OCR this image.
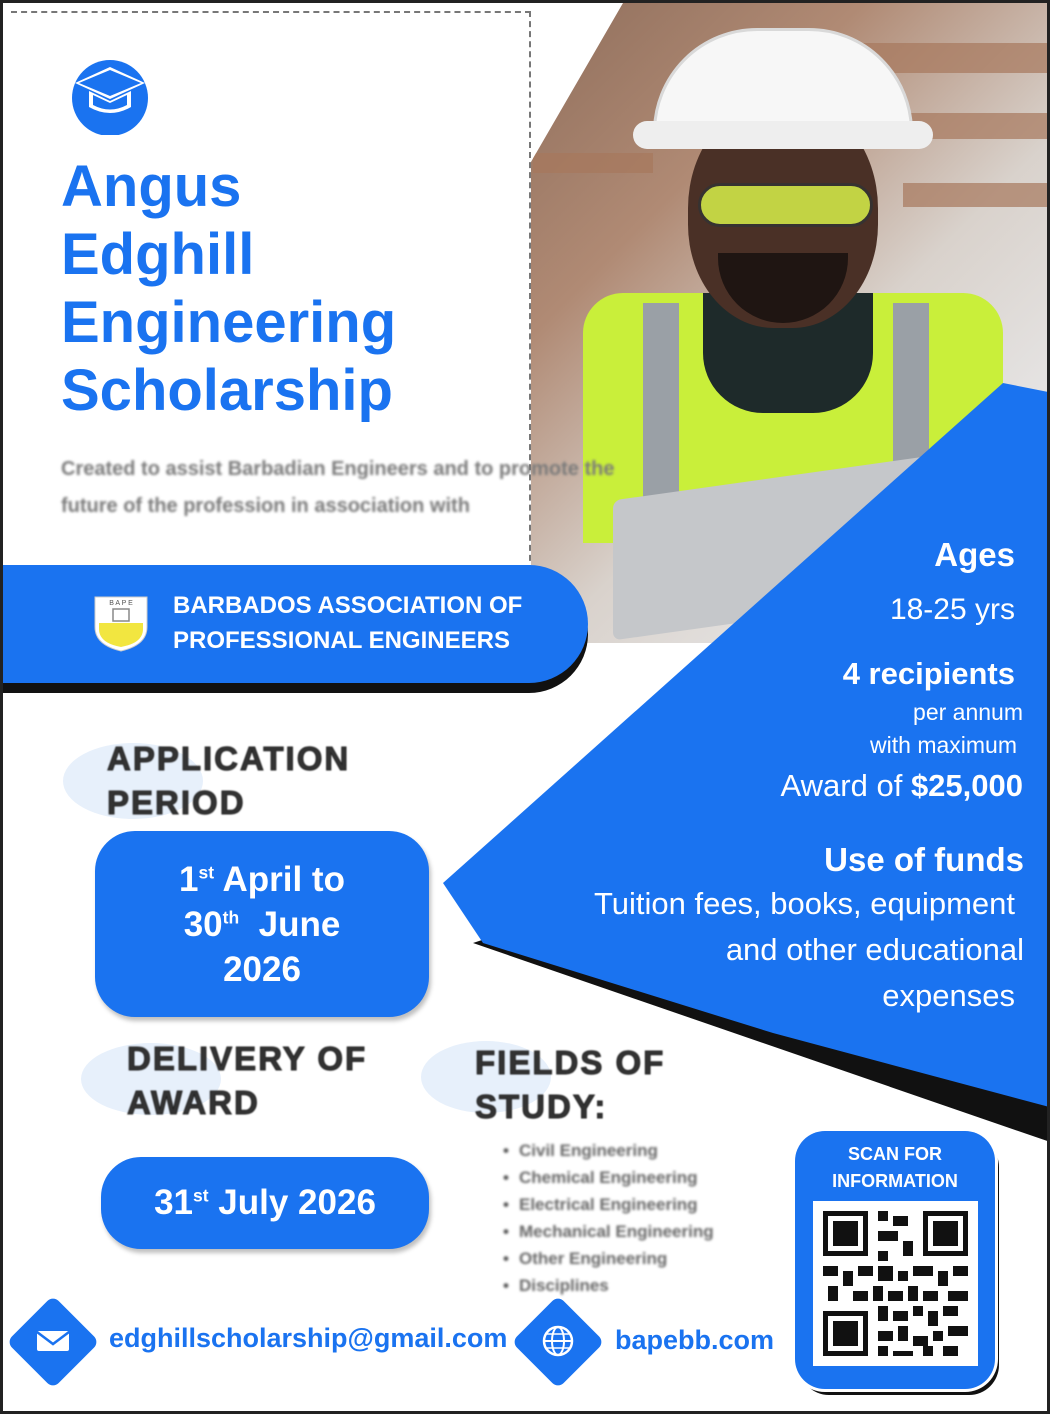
Angus
Edghill
Engineering
Scholarship
Created to assist Barbadian Engineers and to promote the future of the profession in association with
B A P E BARBADOS ASSOCIATION OF
PROFESSIONAL ENGINEERS
Ages
18-25 yrs
4 recipients
per annum
with maximum
Award of $25,000
Use of funds
Tuition fees, books, equipment
and other educational
expenses
APPLICATION
PERIOD
1st April to
30th  June
2026
DELIVERY OF
AWARD
31st July 2026
FIELDS OF
STUDY:
• Civil Engineering
• Chemical Engineering
• Electrical Engineering
• Mechanical Engineering
• Other Engineering
• Disciplines
SCAN FOR
INFORMATION
edghillscholarship@gmail.com	bapebb.com
